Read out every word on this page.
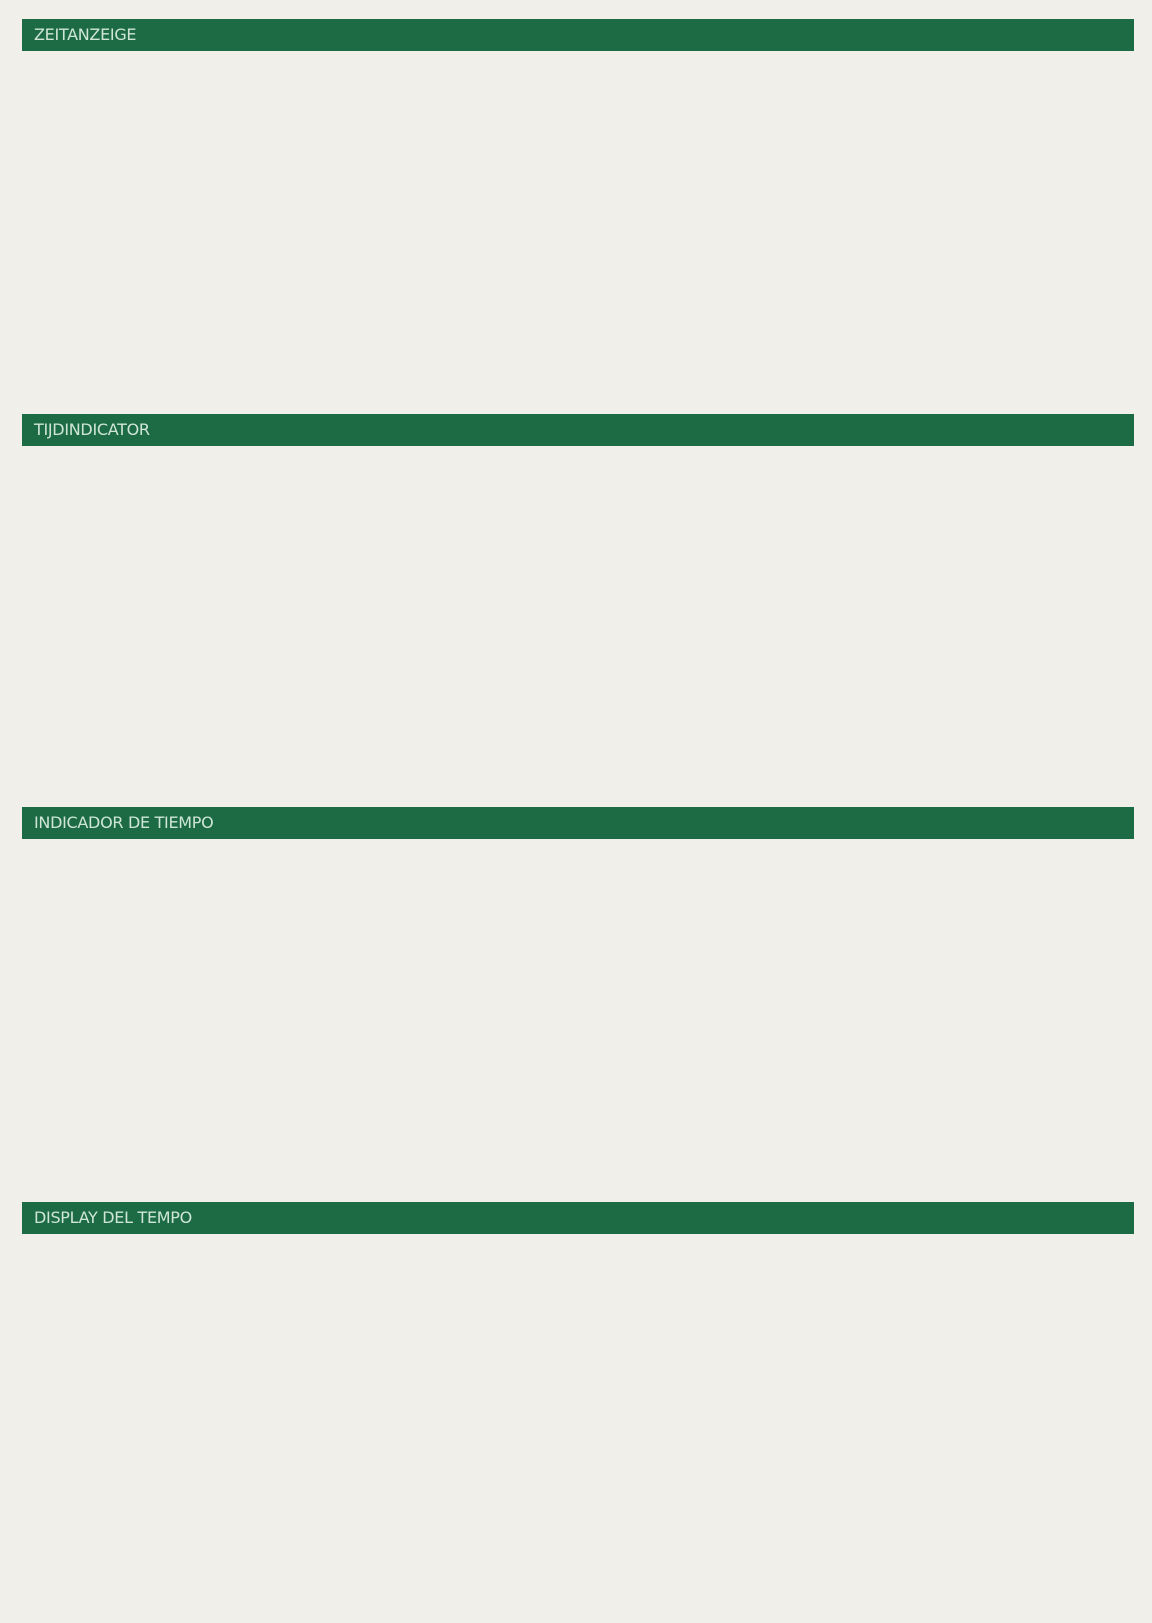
ZEITANZEIGE
TIJDINDICATOR
INDICADOR DE TIEMPO
DISPLAY DEL TEMPO
